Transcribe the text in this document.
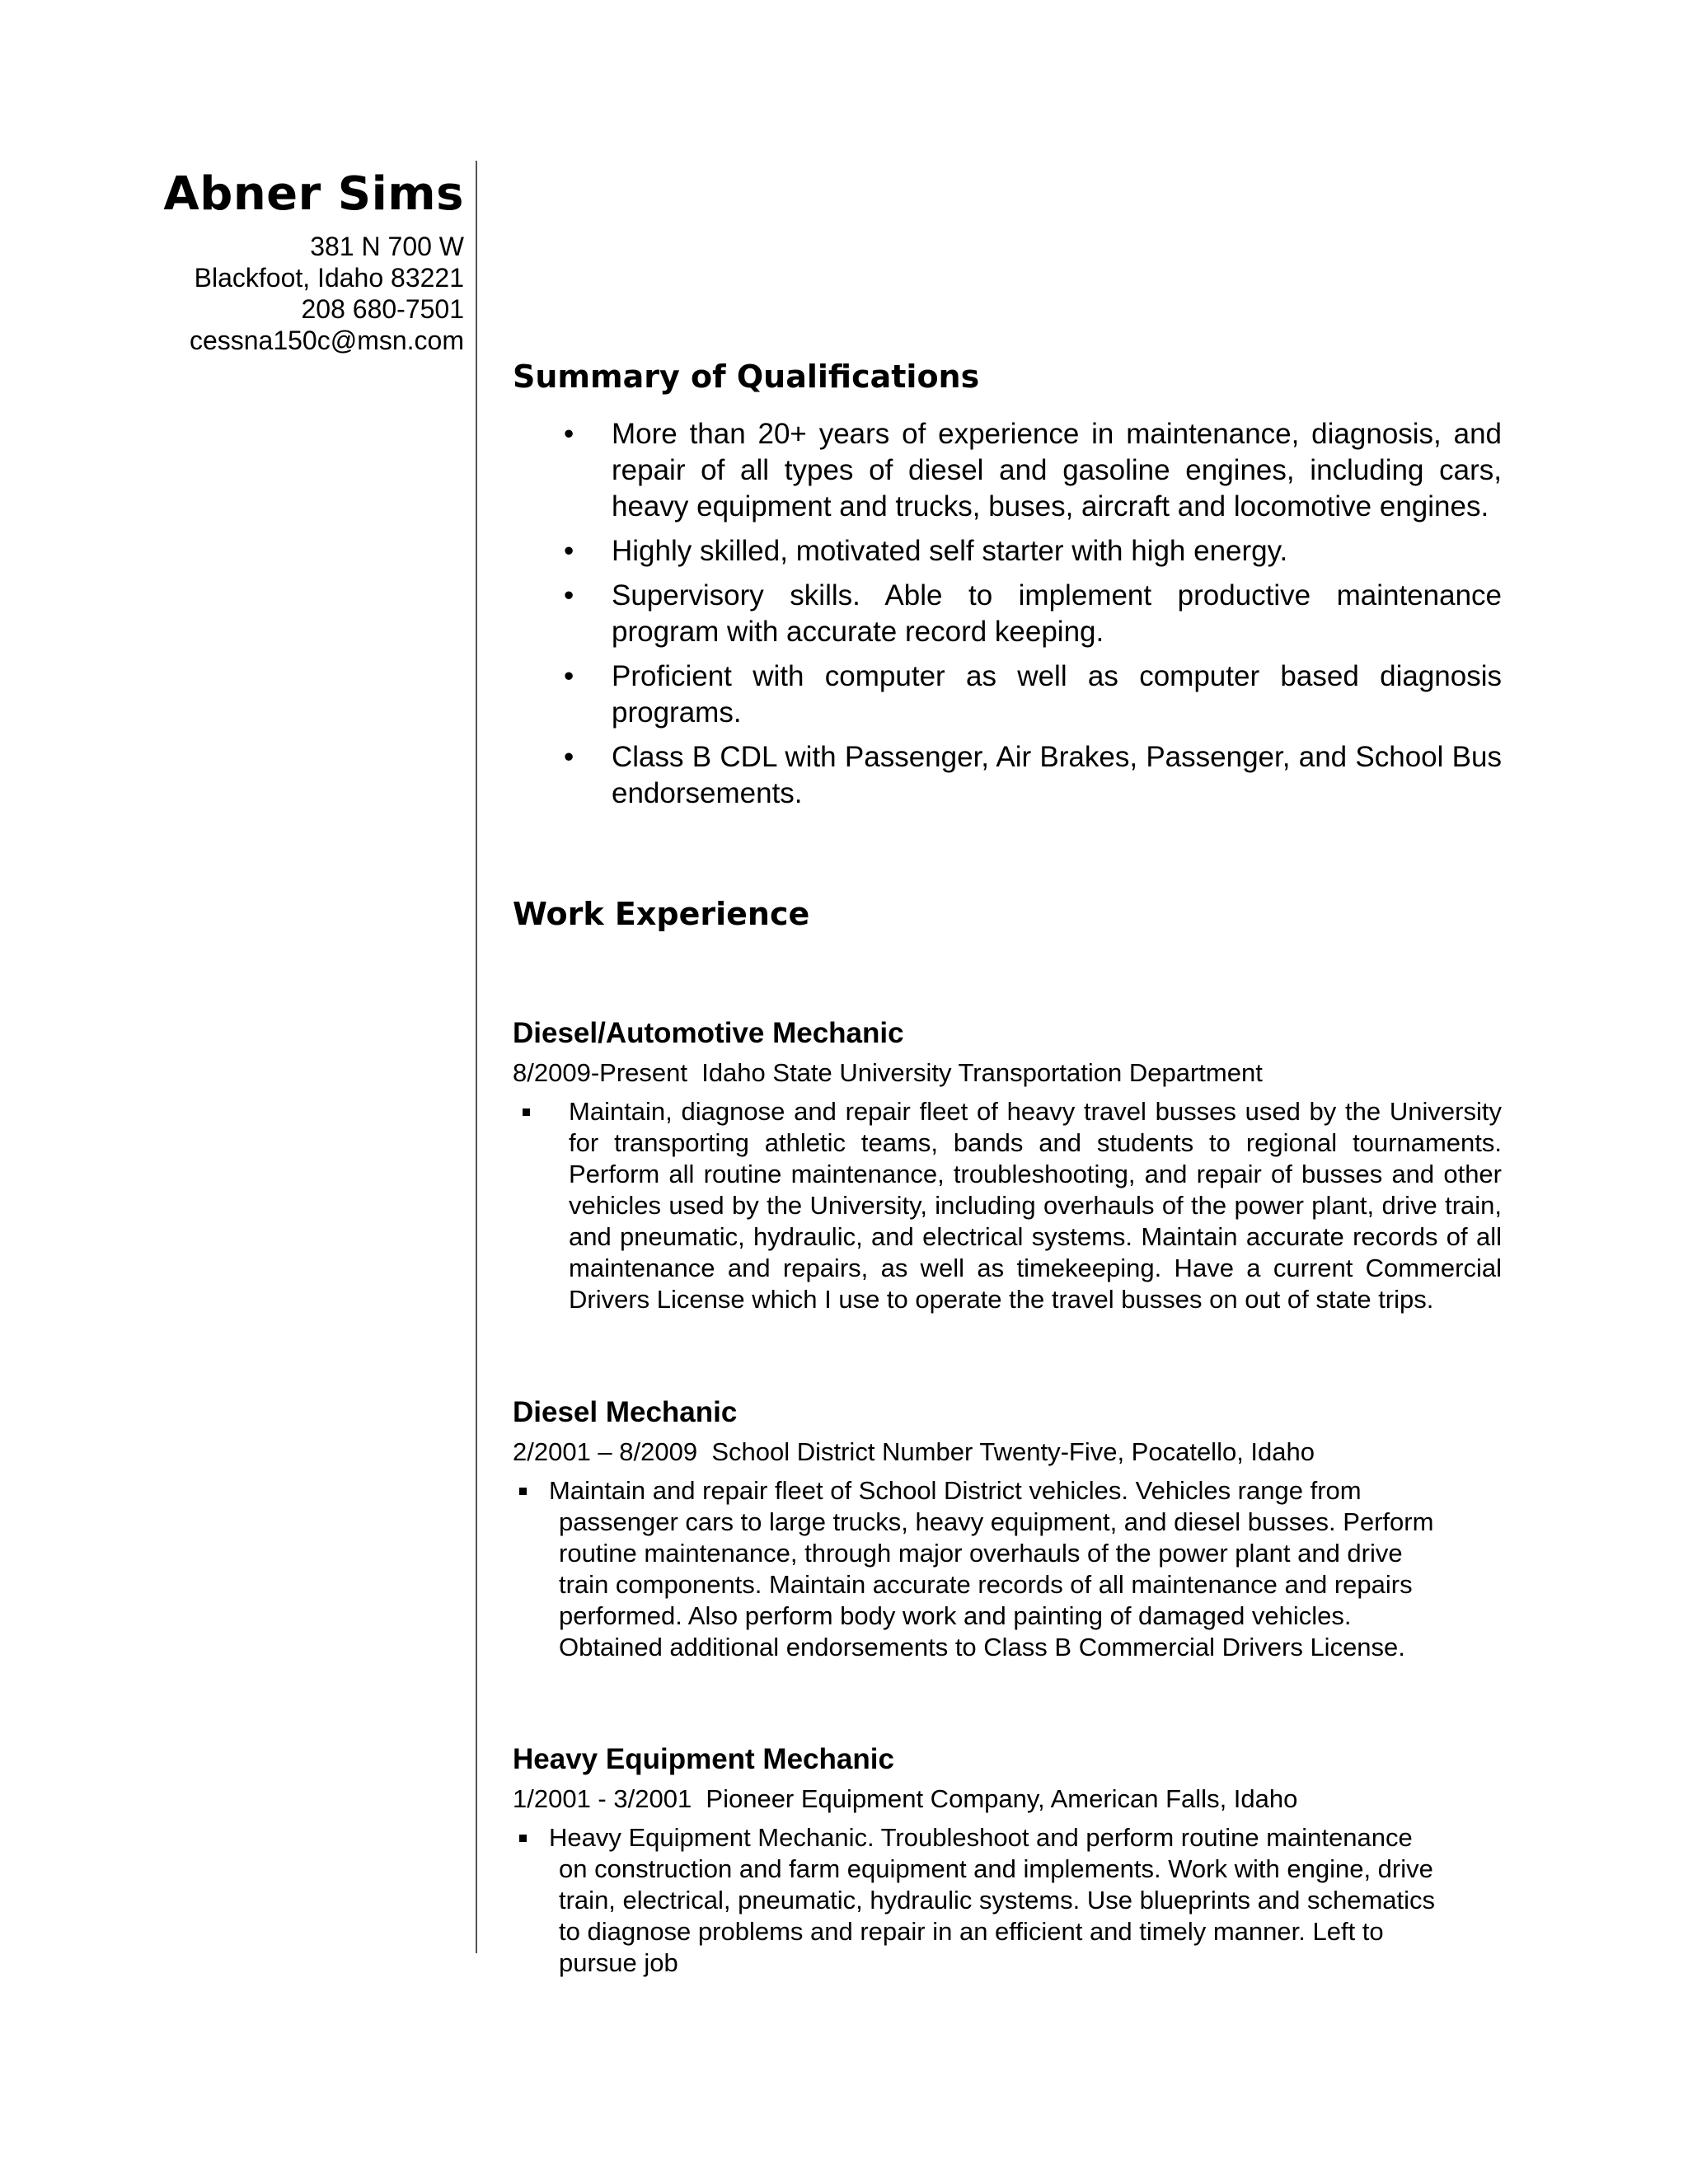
Abner Sims
381 N 700 W
Blackfoot, Idaho 83221
208 680-7501
cessna150c@msn.com
Summary of Qualifications
• More than 20+ years of experience in maintenance, diagnosis, and repair of all types of diesel and gasoline engines, including cars, heavy equipment and trucks, buses, aircraft and locomotive engines.
• Highly skilled, motivated self starter with high energy.
• Supervisory skills. Able to implement productive maintenance program with accurate record keeping.
• Proficient with computer as well as computer based diagnosis programs.
• Class B CDL with Passenger, Air Brakes, Passenger, and School Bus endorsements.
Work Experience
Diesel/Automotive Mechanic
8/2009-Present  Idaho State University Transportation Department
Maintain, diagnose and repair fleet of heavy travel busses used by the University for transporting athletic teams, bands and students to regional tournaments. Perform all routine maintenance, troubleshooting, and repair of busses and other vehicles used by the University, including overhauls of the power plant, drive train, and pneumatic, hydraulic, and electrical systems. Maintain accurate records of all maintenance and repairs, as well as timekeeping. Have a current Commercial Drivers License which I use to operate the travel busses on out of state trips.
Diesel Mechanic
2/2001 – 8/2009  School District Number Twenty-Five, Pocatello, Idaho
Maintain and repair fleet of School District vehicles. Vehicles range from passenger cars to large trucks, heavy equipment, and diesel busses. Perform routine maintenance, through major overhauls of the power plant and drive train components. Maintain accurate records of all maintenance and repairs performed. Also perform body work and painting of damaged vehicles. Obtained additional endorsements to Class B Commercial Drivers License.
Heavy Equipment Mechanic
1/2001 - 3/2001  Pioneer Equipment Company, American Falls, Idaho
Heavy Equipment Mechanic. Troubleshoot and perform routine maintenance on construction and farm equipment and implements. Work with engine, drive train, electrical, pneumatic, hydraulic systems. Use blueprints and schematics to diagnose problems and repair in an efficient and timely manner. Left to pursue job
